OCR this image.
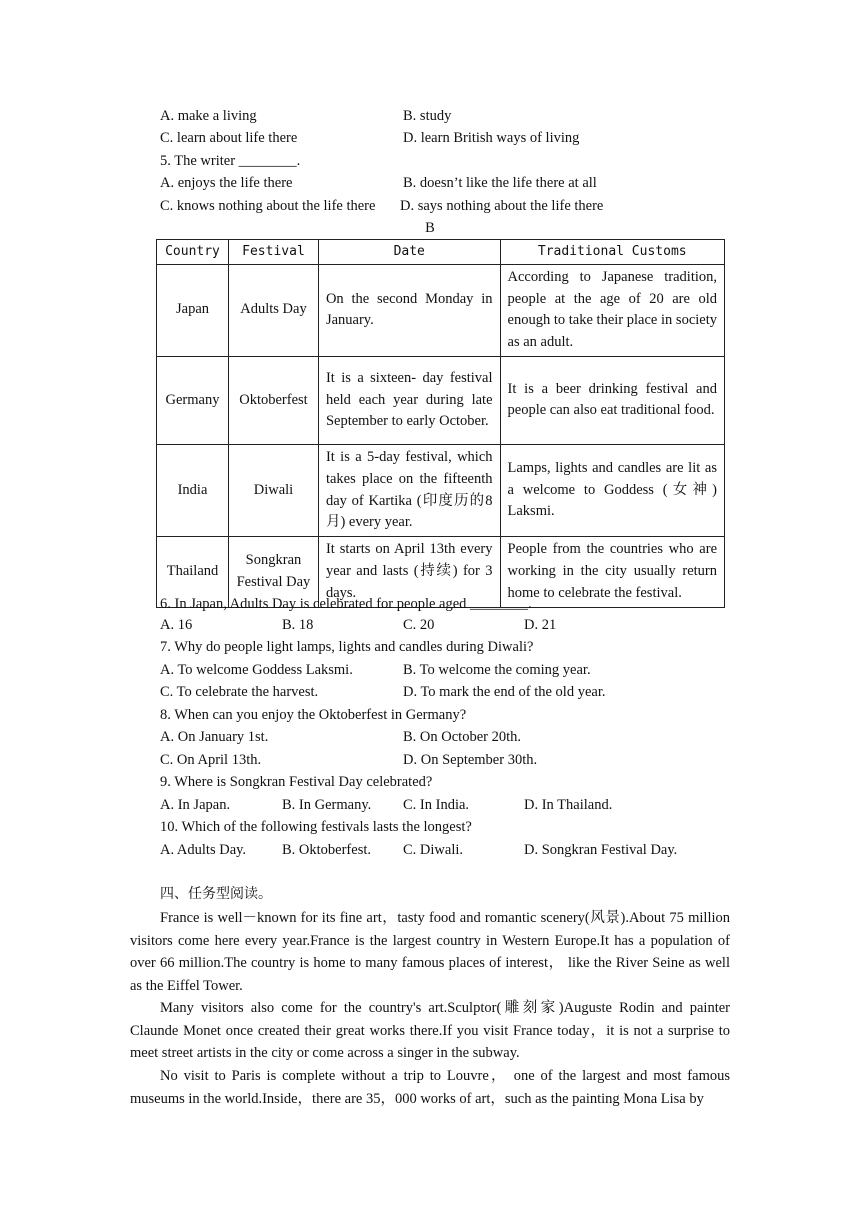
A. make a living	B. study
C. learn about life there	D. learn British ways of living
5. The writer ________.
A. enjoys the life there	B. doesn’t like the life there at all
C. knows nothing about the life there D. says nothing about the life there
B
Country	Festival	Date	Traditional Customs
Japan	Adults Day	On the second Monday in January.	According to Japanese tradition, people at the age of 20 are old enough to take their place in society as an adult.
Germany	Oktoberfest	It is a sixteen- day festival held each year during late September to early October.	It is a beer drinking festival and people can also eat traditional food.
India	Diwali	It is a 5-day festival, which takes place on the fifteenth day of Kartika (印度历的8月) every year.	Lamps, lights and candles are lit as a welcome to Goddess (女神) Laksmi.
Thailand	Songkran Festival Day	It starts on April 13th every year and lasts (持续) for 3 days.	People from the countries who are working in the city usually return home to celebrate the festival.
6. In Japan, Adults Day is celebrated for people aged ________.
A. 16	B. 18	C. 20	D. 21
7. Why do people light lamps, lights and candles during Diwali?
A. To welcome Goddess Laksmi.	B. To welcome the coming year.
C. To celebrate the harvest.	D. To mark the end of the old year.
8. When can you enjoy the Oktoberfest in Germany?
A. On January 1st.	B. On October 20th.
C. On April 13th.	D. On September 30th.
9. Where is Songkran Festival Day celebrated?
A. In Japan.	B. In Germany. C. In India.	D. In Thailand.
10. Which of the following festivals lasts the longest?
A. Adults Day. B. Oktoberfest. C. Diwali.	D. Songkran Festival Day.
四、任务型阅读。
France is well－known for its fine art，tasty food and romantic scenery(风景).About 75 million visitors come here every year.France is the largest country in Western Europe.It has a population of over 66 million.The country is home to many famous places of interest， like the River Seine as well as the Eiffel Tower.
Many visitors also come for the country's art.Sculptor(雕刻家)Auguste Rodin and painter Claunde Monet once created their great works there.If you visit France today，it is not a surprise to meet street artists in the city or come across a singer in the subway.
No visit to Paris is complete without a trip to Louvre， one of the largest and most famous museums in the world.Inside，there are 35，000 works of art，such as the painting Mona Lisa by
